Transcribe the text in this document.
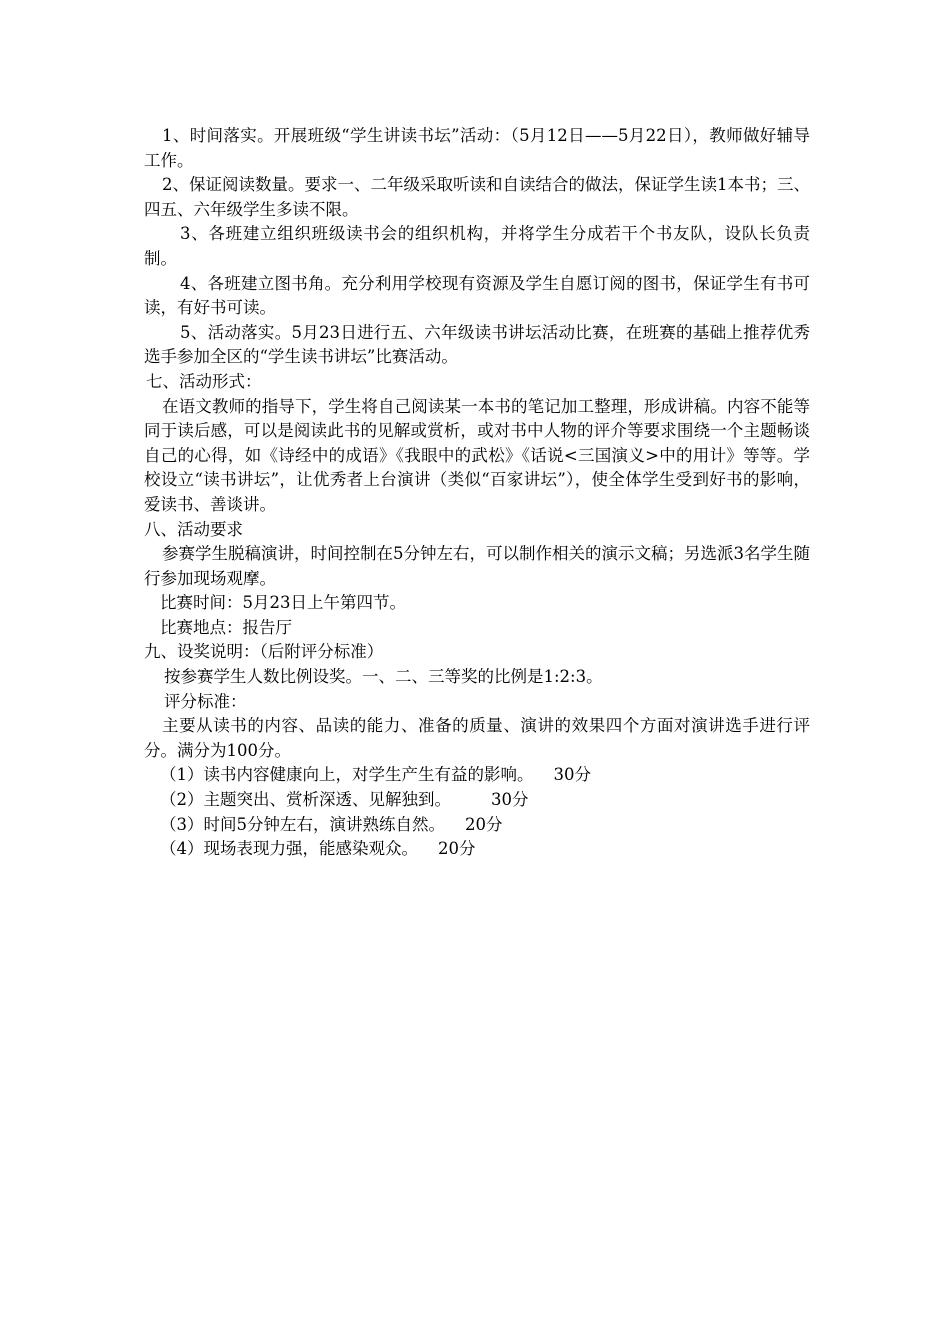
1、时间落实。开展班级“学生讲读书坛”活动：（5月12日——5月22日），教师做好辅导工作。

2、保证阅读数量。要求一、二年级采取听读和自读结合的做法，保证学生读1本书；三、四五、六年级学生多读不限。

3、各班建立组织班级读书会的组织机构，并将学生分成若干个书友队，设队长负责制。

4、各班建立图书角。充分利用学校现有资源及学生自愿订阅的图书，保证学生有书可读，有好书可读。

5、活动落实。5月23日进行五、六年级读书讲坛活动比赛，在班赛的基础上推荐优秀选手参加全区的“学生读书讲坛”比赛活动。

七、活动形式：

在语文教师的指导下，学生将自己阅读某一本书的笔记加工整理，形成讲稿。内容不能等同于读后感，可以是阅读此书的见解或赏析，或对书中人物的评介等要求围绕一个主题畅谈自己的心得，如《诗经中的成语》《我眼中的武松》《话说<三国演义>中的用计》等等。学校设立“读书讲坛”，让优秀者上台演讲（类似“百家讲坛”），使全体学生受到好书的影响，爱读书、善谈讲。

八、活动要求

参赛学生脱稿演讲，时间控制在5分钟左右，可以制作相关的演示文稿；另选派3名学生随行参加现场观摩。

比赛时间：5月23日上午第四节。

比赛地点：报告厅

九、设奖说明：（后附评分标准）

按参赛学生人数比例设奖。一、二、三等奖的比例是1:2:3。

评分标准：

主要从读书的内容、品读的能力、准备的质量、演讲的效果四个方面对演讲选手进行评分。满分为100分。

（1）读书内容健康向上，对学生产生有益的影响。 30分

（2）主题突出、赏析深透、见解独到。 30分

（3）时间5分钟左右，演讲熟练自然。 20分

（4）现场表现力强，能感染观众。 20分
